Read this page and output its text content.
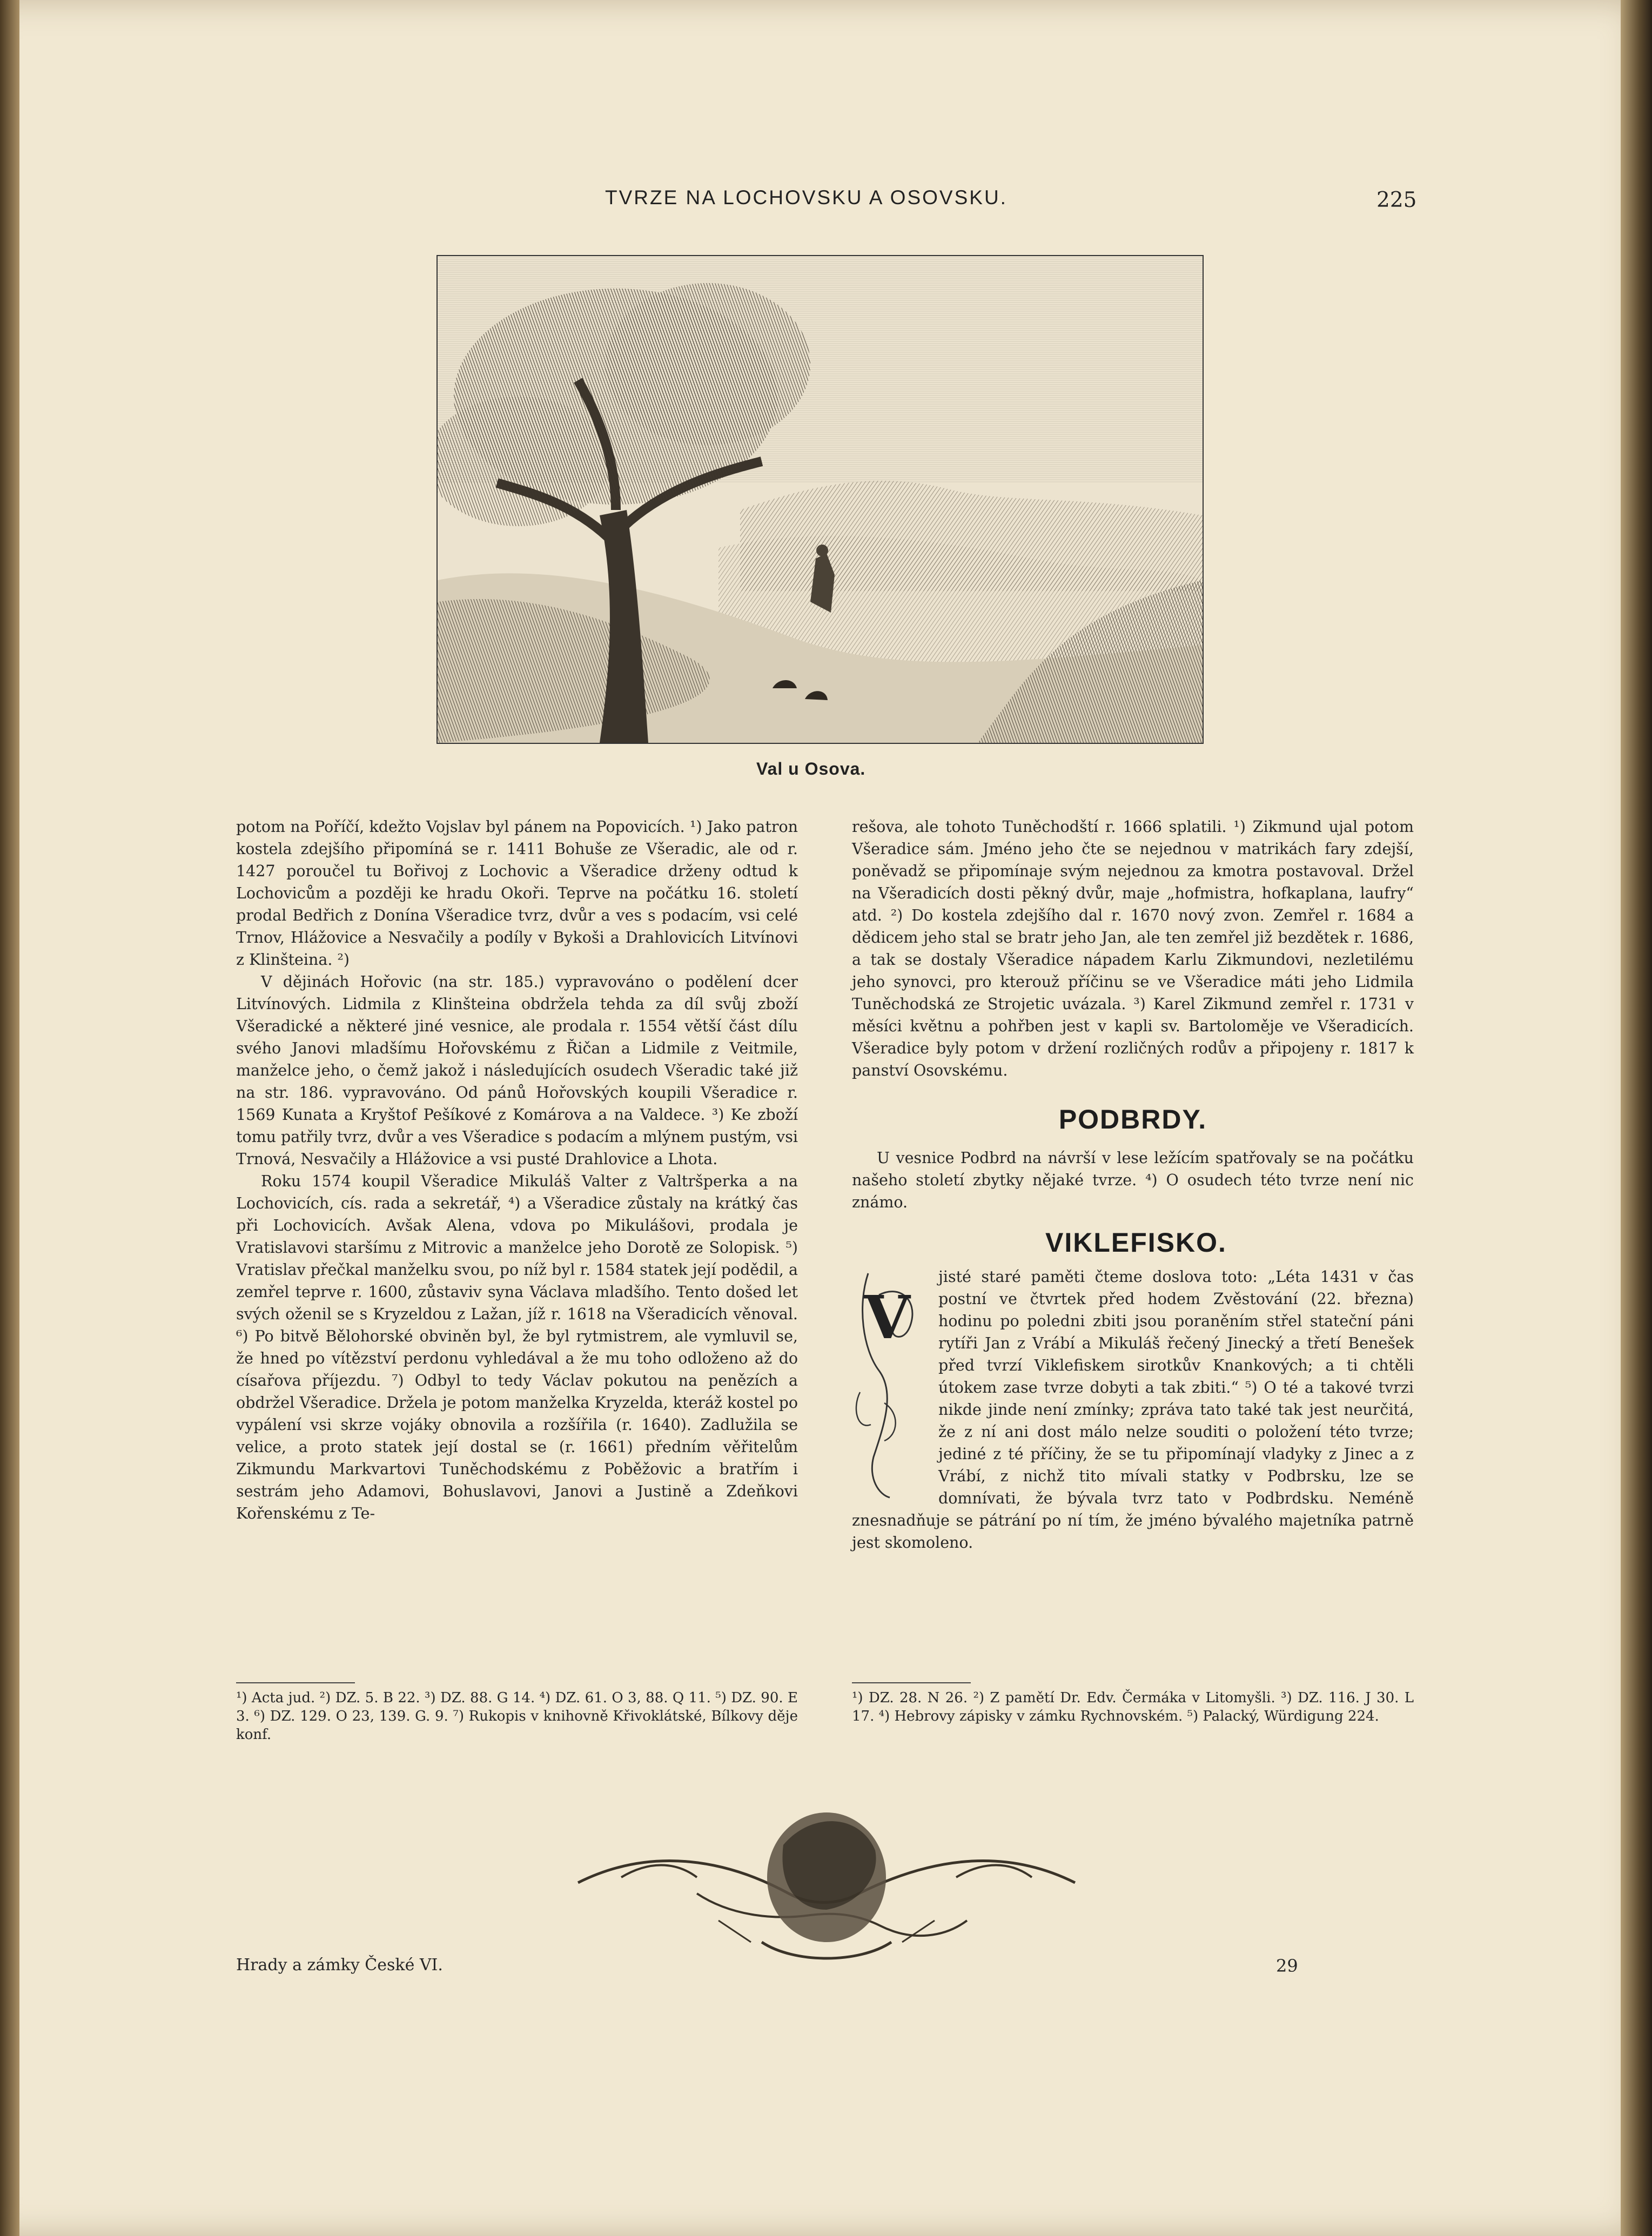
TVRZE NA LOCHOVSKU A OSOVSKU.	225
Val u Osova.

potom na Poříčí, kdežto Vojslav byl pánem na Popovicích. ¹) Jako patron kostela zdejšího připomíná se r. 1411 Bohuše ze Všeradic, ale od r. 1427 poroučel tu Bořivoj z Lochovic a Všeradice drženy odtud k Lochovicům a později ke hradu Okoři. Teprve na počátku 16. století prodal Bedřich z Donína Všeradice tvrz, dvůr a ves s podacím, vsi celé Trnov, Hlážovice a Nesvačily a podíly v Bykoši a Drahlovicích Litvínovi z Klinšteina. ²)

V dějinách Hořovic (na str. 185.) vypravováno o podělení dcer Litvínových. Lidmila z Klinšteina obdržela tehda za díl svůj zboží Všeradické a některé jiné vesnice, ale prodala r. 1554 větší část dílu svého Janovi mladšímu Hořovskému z Řičan a Lidmile z Veitmile, manželce jeho, o čemž jakož i následujících osudech Všeradic také již na str. 186. vypravováno. Od pánů Hořovských koupili Všeradice r. 1569 Kunata a Kryštof Pešíkové z Komárova a na Valdece. ³) Ke zboží tomu patřily tvrz, dvůr a ves Všeradice s podacím a mlýnem pustým, vsi Trnová, Nesvačily a Hlážovice a vsi pusté Drahlovice a Lhota.

Roku 1574 koupil Všeradice Mikuláš Valter z Valtršperka a na Lochovicích, cís. rada a sekretář, ⁴) a Všeradice zůstaly na krátký čas při Lochovicích. Avšak Alena, vdova po Mikulášovi, prodala je Vratislavovi staršímu z Mitrovic a manželce jeho Dorotě ze Solopisk. ⁵) Vratislav přečkal manželku svou, po níž byl r. 1584 statek její podědil, a zemřel teprve r. 1600, zůstaviv syna Václava mladšího. Tento došed let svých oženil se s Kryzeldou z Lažan, jíž r. 1618 na Všeradicích věnoval. ⁶) Po bitvě Bělohorské obviněn byl, že byl rytmistrem, ale vymluvil se, že hned po vítězství perdonu vyhledával a že mu toho odloženo až do císařova příjezdu. ⁷) Odbyl to tedy Václav pokutou na penězích a obdržel Všeradice. Držela je potom manželka Kryzelda, kteráž kostel po vypálení vsi skrze vojáky obnovila a rozšířila (r. 1640). Zadlužila se velice, a proto statek její dostal se (r. 1661) předním věřitelům Zikmundu Markvartovi Tuněchodskému z Poběžovic a bratřím i sestrám jeho Adamovi, Bohuslavovi, Janovi a Justině a Zdeňkovi Kořenskému z Te-

rešova, ale tohoto Tuněchodští r. 1666 splatili. ¹) Zikmund ujal potom Všeradice sám. Jméno jeho čte se nejednou v matrikách fary zdejší, poněvadž se připomínaje svým nejednou za kmotra postavoval. Držel na Všeradicích dosti pěkný dvůr, maje „hofmistra, hofkaplana, laufry“ atd. ²) Do kostela zdejšího dal r. 1670 nový zvon. Zemřel r. 1684 a dědicem jeho stal se bratr jeho Jan, ale ten zemřel již bezdětek r. 1686, a tak se dostaly Všeradice nápadem Karlu Zikmundovi, nezletilému jeho synovci, pro kterouž příčinu se ve Všeradice máti jeho Lidmila Tuněchodská ze Strojetic uvázala. ³) Karel Zikmund zemřel r. 1731 v měsíci květnu a pohřben jest v kapli sv. Bartoloměje ve Všeradicích. Všeradice byly potom v držení rozličných rodův a připojeny r. 1817 k panství Osovskému.

PODBRDY.

U vesnice Podbrd na návrší v lese ležícím spatřovaly se na počátku našeho století zbytky nějaké tvrze. ⁴) O osudech této tvrze není nic známo.

VIKLEFISKO.
V

jisté staré paměti čteme doslova toto: „Léta 1431 v čas postní ve čtvrtek před hodem Zvěstování (22. března) hodinu po poledni zbiti jsou poraněním střel stateční páni rytíři Jan z Vrábí a Mikuláš řečený Jinecký a třetí Benešek před tvrzí Viklefiskem sirotkův Knankových; a ti chtěli útokem zase tvrze dobyti a tak zbiti.“ ⁵) O té a takové tvrzi nikde jinde není zmínky; zpráva tato také tak jest neurčitá, že z ní ani dost málo nelze souditi o položení této tvrze; jediné z té příčiny, že se tu připomínají vladyky z Jinec a z Vrábí, z nichž tito mívali statky v Podbrsku, lze se domnívati, že bývala tvrz tato v Podbrdsku. Neméně znesnadňuje se pátrání po ní tím, že jméno bývalého majetníka patrně jest skomoleno.

¹) Acta jud. ²) DZ. 5. B 22. ³) DZ. 88. G 14. ⁴) DZ. 61. O 3, 88. Q 11. ⁵) DZ. 90. E 3. ⁶) DZ. 129. O 23, 139. G. 9. ⁷) Rukopis v knihovně Křivoklátské, Bílkovy děje konf.
¹) DZ. 28. N 26. ²) Z pamětí Dr. Edv. Čermáka v Litomyšli. ³) DZ. 116. J 30. L 17. ⁴) Hebrovy zápisky v zámku Rychnovském. ⁵) Palacký, Würdigung 224.
Hrady a zámky České VI.	29
